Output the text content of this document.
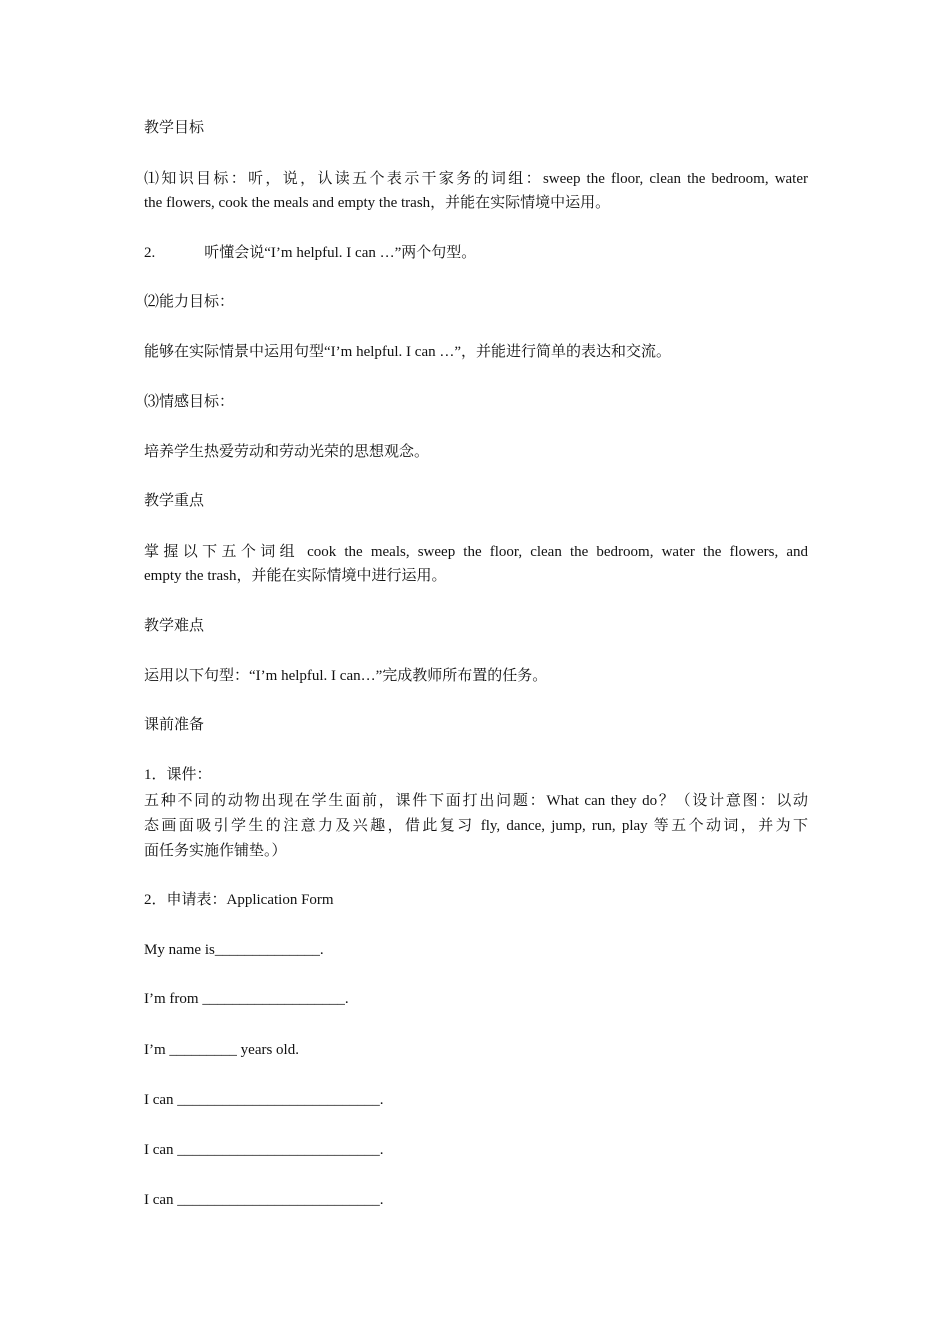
教学目标
⑴知识目标：听，说，认读五个表示干家务的词组：sweep the floor, clean the bedroom, water
the flowers, cook the meals and empty the trash，并能在实际情境中运用。
2.	听懂会说“I’m helpful. I can …”两个句型。
⑵能力目标：
能够在实际情景中运用句型“I’m helpful. I can …”，并能进行简单的表达和交流。
⑶情感目标：
培养学生热爱劳动和劳动光荣的思想观念。
教学重点
掌握以下五个词组 cook the meals, sweep the floor, clean the bedroom, water the flowers, and
empty the trash，并能在实际情境中进行运用。
教学难点
运用以下句型：“I’m helpful. I can…”完成教师所布置的任务。
课前准备
1．课件：
五种不同的动物出现在学生面前，课件下面打出问题：What can they do？（设计意图：以动
态画面吸引学生的注意力及兴趣，借此复习 fly, dance, jump, run, play 等五个动词，并为下
面任务实施作铺垫。）
2．申请表：Application Form
My name is______________.
I’m from ___________________.
I’m _________ years old.
I can ___________________________.
I can ___________________________.
I can ___________________________.
